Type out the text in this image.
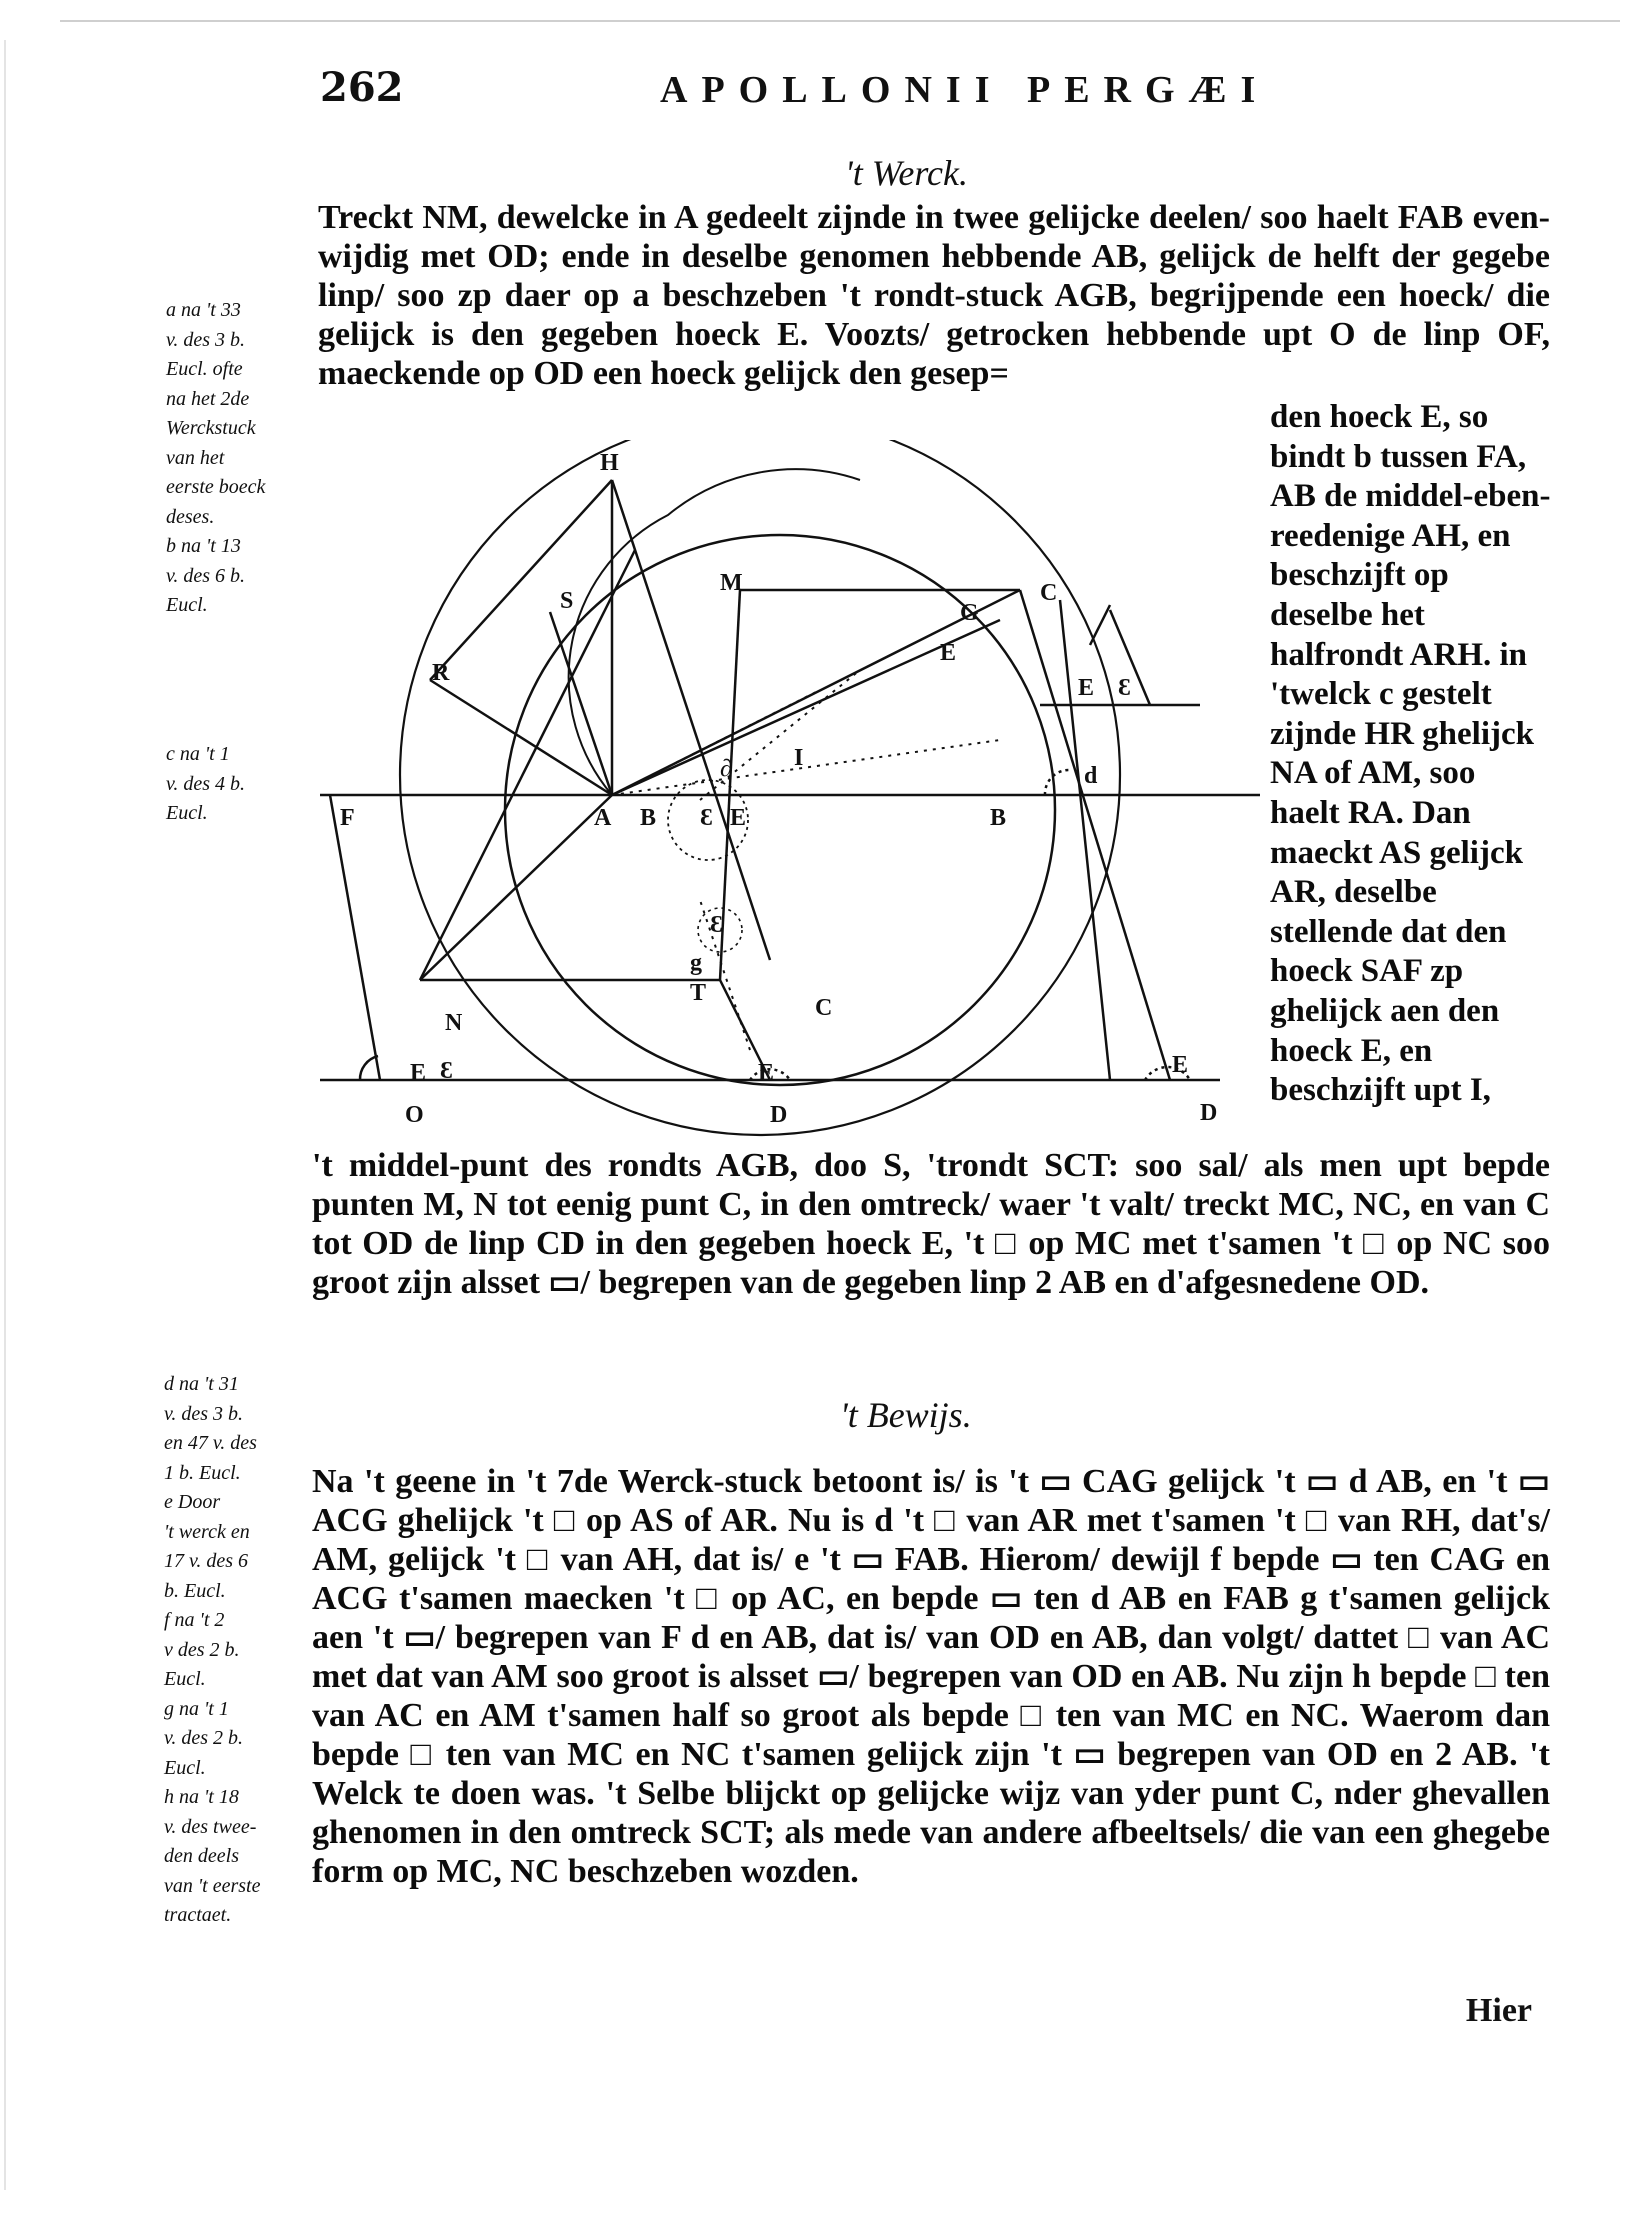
262	APOLLONII PERGÆI
't Werck.

Treckt NM, dewelcke in A gedeelt zijnde in twee gelijcke deelen/ soo haelt FAB even-wijdig met OD; ende in deselbe genomen hebbende AB, gelijck de helft der gegebe linp/ soo zp daer op a beschzeben 't rondt-stuck AGB, begrijpende een hoeck/ die gelijck is den gegeben hoeck E. Voozts/ getrocken hebbende upt O de linp OF, maeckende op OD een hoeck gelijck den gesep=

a na 't 33
v. des 3 b.
Eucl. ofte
na het 2de
Werckstuck
van het
eerste boeck
deses.
b na 't 13
v. des 6 b.
Eucl.
c na 't 1
v. des 4 b.
Eucl.
H
E Ɛ
C
M
S	G
E
R
I
∂	d
F	A B Ɛ E	B
Ɛ
g
T
N
C
E Ɛ	E	E
O	D	D
den hoeck E, so bindt b tussen FA, AB de middel-eben-reedenige AH, en beschzijft op deselbe het halfrondt ARH. in 'twelck c gestelt zijnde HR ghelijck NA of AM, soo haelt RA. Dan maeckt AS gelijck AR, deselbe stellende dat den hoeck SAF zp ghelijck aen den hoeck E, en beschzijft upt I,

't middel-punt des rondts AGB, doo S, 'trondt SCT: soo sal/ als men upt bepde punten M, N tot eenig punt C, in den omtreck/ waer 't valt/ treckt MC, NC, en van C tot OD de linp CD in den gegeben hoeck E, 't □ op MC met t'samen 't □ op NC soo groot zijn alsset ▭/ begrepen van de gegeben linp 2 AB en d'afgesnedene OD.

't Bewijs.
d na 't 31
v. des 3 b.
en 47 v. des
1 b. Eucl.
e Door
't werck en
17 v. des 6
b. Eucl.
f na 't 2
v des 2 b.
Eucl.
g na 't 1
v. des 2 b.
Eucl.
h na 't 18
v. des twee-
den deels
van 't eerste
tractaet.

Na 't geene in 't 7de Werck-stuck betoont is/ is 't ▭ CAG gelijck 't ▭ d AB, en 't ▭ ACG ghelijck 't □ op AS of AR. Nu is d 't □ van AR met t'samen 't □ van RH, dat's/ AM, gelijck 't □ van AH, dat is/ e 't ▭ FAB. Hierom/ dewijl f bepde ▭ ten CAG en ACG t'samen maecken 't □ op AC, en bepde ▭ ten d AB en FAB g t'samen gelijck aen 't ▭/ begrepen van F d en AB, dat is/ van OD en AB, dan volgt/ dattet □ van AC met dat van AM soo groot is alsset ▭/ begrepen van OD en AB. Nu zijn h bepde □ ten van AC en AM t'samen half so groot als bepde □ ten van MC en NC. Waerom dan bepde □ ten van MC en NC t'samen gelijck zijn 't ▭ begrepen van OD en 2 AB. 't Welck te doen was. 't Selbe blijckt op gelijcke wijz van yder punt C, nder ghevallen ghenomen in den omtreck SCT; als mede van andere afbeeltsels/ die van een ghegebe form op MC, NC beschzeben wozden.

Hier
